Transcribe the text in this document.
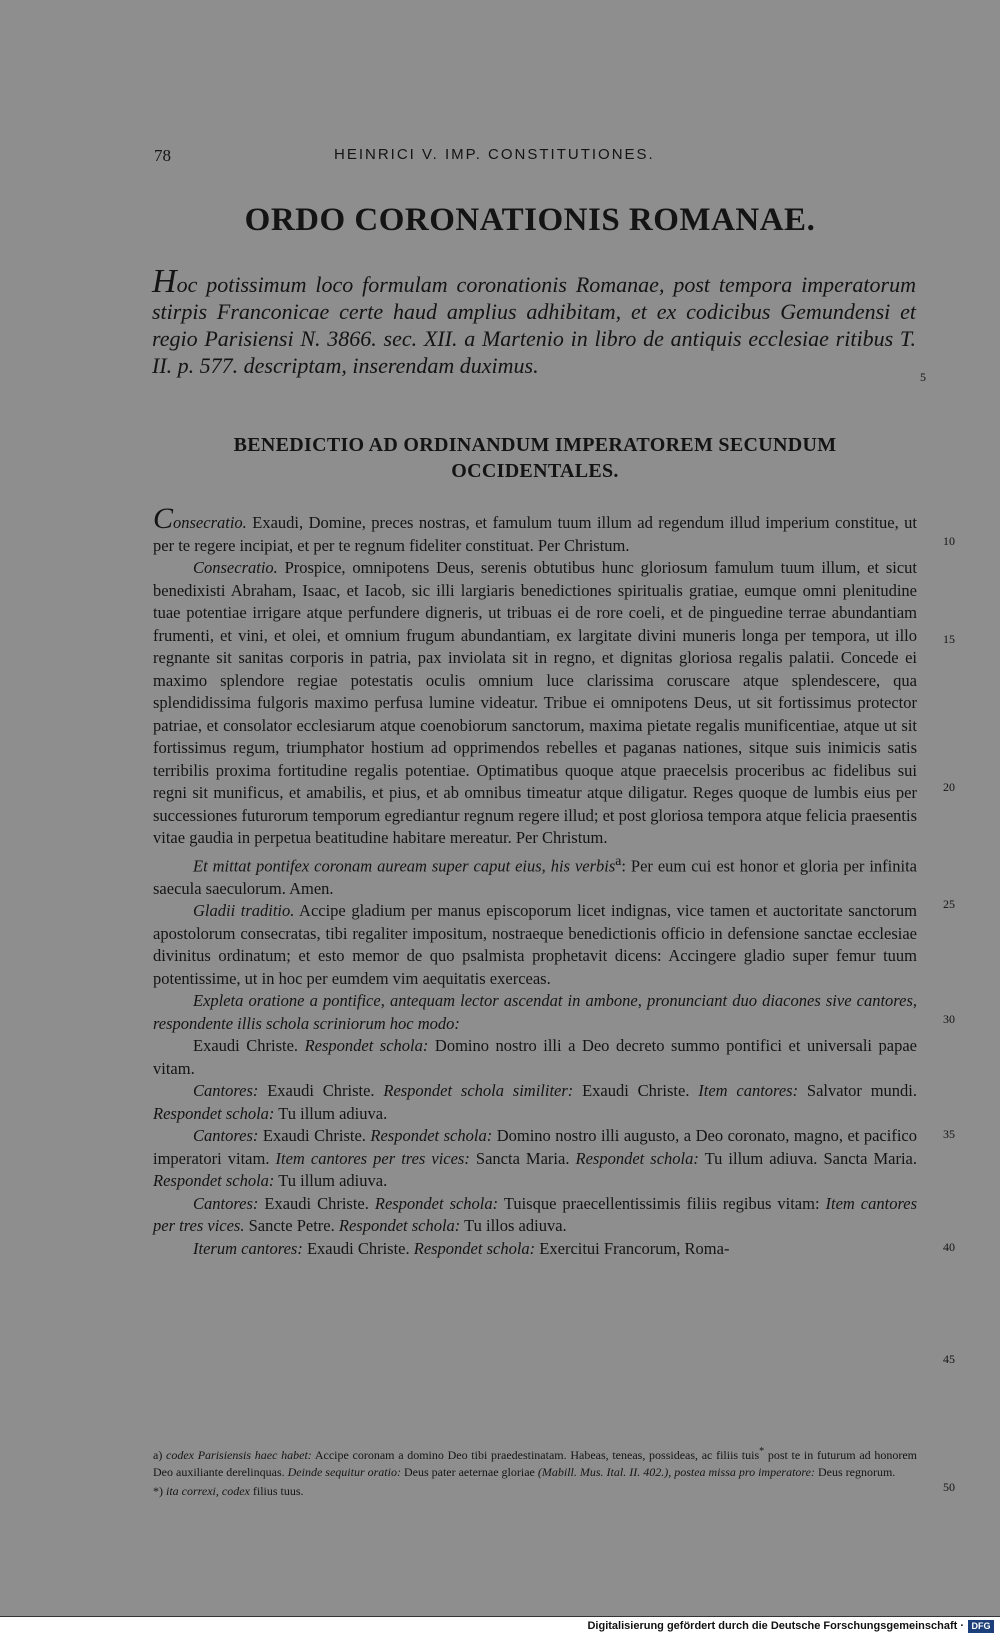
78	HEINRICI V. IMP. CONSTITUTIONES.
ORDO CORONATIONIS ROMANAE.
Hoc potissimum loco formulam coronationis Romanae, post tempora imperatorum stirpis Franconicae certe haud amplius adhibitam, et ex codicibus Gemundensi et regio Parisiensi N. 3866. sec. XII. a Martenio in libro de antiquis ecclesiae ritibus T. II. p. 577. descriptam, inserendam duximus.	5
BENEDICTIO AD ORDINANDUM IMPERATOREM SECUNDUM OCCIDENTALES.

Consecratio. Exaudi, Domine, preces nostras, et famulum tuum illum ad regendum illud imperium constitue, ut per te regere incipiat, et per te regnum fideliter constituat. Per Christum.

Consecratio. Prospice, omnipotens Deus, serenis obtutibus hunc gloriosum famulum tuum illum, et sicut benedixisti Abraham, Isaac, et Iacob, sic illi largiaris benedictiones spiritualis gratiae, eumque omni plenitudine tuae potentiae irrigare atque perfundere digneris, ut tribuas ei de rore coeli, et de pinguedine terrae abundantiam frumenti, et vini, et olei, et omnium frugum abundantiam, ex largitate divini muneris longa per tempora, ut illo regnante sit sanitas corporis in patria, pax inviolata sit in regno, et dignitas gloriosa regalis palatii. Concede ei maximo splendore regiae potestatis oculis omnium luce clarissima coruscare atque splendescere, qua splendidissima fulgoris maximo perfusa lumine videatur. Tribue ei omnipotens Deus, ut sit fortissimus protector patriae, et consolator ecclesiarum atque coenobiorum sanctorum, maxima pietate regalis munificentiae, atque ut sit fortissimus regum, triumphator hostium ad opprimendos rebelles et paganas nationes, sitque suis inimicis satis terribilis proxima fortitudine regalis potentiae. Optimatibus quoque atque praecelsis proceribus ac fidelibus sui regni sit munificus, et amabilis, et pius, et ab omnibus timeatur atque diligatur. Reges quoque de lumbis eius per successiones futurorum temporum egrediantur regnum regere illud; et post gloriosa tempora atque felicia praesentis vitae gaudia in perpetua beatitudine habitare mereatur. Per Christum.

Et mittat pontifex coronam auream super caput eius, his verbis$^a$: Per eum cui est honor et gloria per infinita saecula saeculorum. Amen.

Gladii traditio. Accipe gladium per manus episcoporum licet indignas, vice tamen et auctoritate sanctorum apostolorum consecratas, tibi regaliter impositum, nostraeque benedictionis officio in defensione sanctae ecclesiae divinitus ordinatum; et esto memor de quo psalmista prophetavit dicens: Accingere gladio super femur tuum potentissime, ut in hoc per eumdem vim aequitatis exerceas.

Expleta oratione a pontifice, antequam lector ascendat in ambone, pronunciant duo diacones sive cantores, respondente illis schola scriniorum hoc modo:

Exaudi Christe. Respondet schola: Domino nostro illi a Deo decreto summo pontifici et universali papae vitam.

Cantores: Exaudi Christe. Respondet schola similiter: Exaudi Christe. Item cantores: Salvator mundi. Respondet schola: Tu illum adiuva.

Cantores: Exaudi Christe. Respondet schola: Domino nostro illi augusto, a Deo coronato, magno, et pacifico imperatori vitam. Item cantores per tres vices: Sancta Maria. Respondet schola: Tu illum adiuva. Sancta Maria. Respondet schola: Tu illum adiuva.

Cantores: Exaudi Christe. Respondet schola: Tuisque praecellentissimis filiis regibus vitam: Item cantores per tres vices. Sancte Petre. Respondet schola: Tu illos adiuva.

Iterum cantores: Exaudi Christe. Respondet schola: Exercitui Francorum, Roma-

10
15
20
25
30
35
40
45

a) codex Parisiensis haec habet: Accipe coronam a domino Deo tibi praedestinatam. Habeas, teneas, possideas, ac filiis tuis* post te in futurum ad honorem Deo auxiliante derelinquas. Deinde sequitur oratio: Deus pater aeternae gloriae (Mabill. Mus. Ital. II. 402.), postea missa pro imperatore: Deus regnorum.

*) ita correxi, codex filius tuus.	50
Digitalisierung gefördert durch die Deutsche Forschungsgemeinschaft · DFG
